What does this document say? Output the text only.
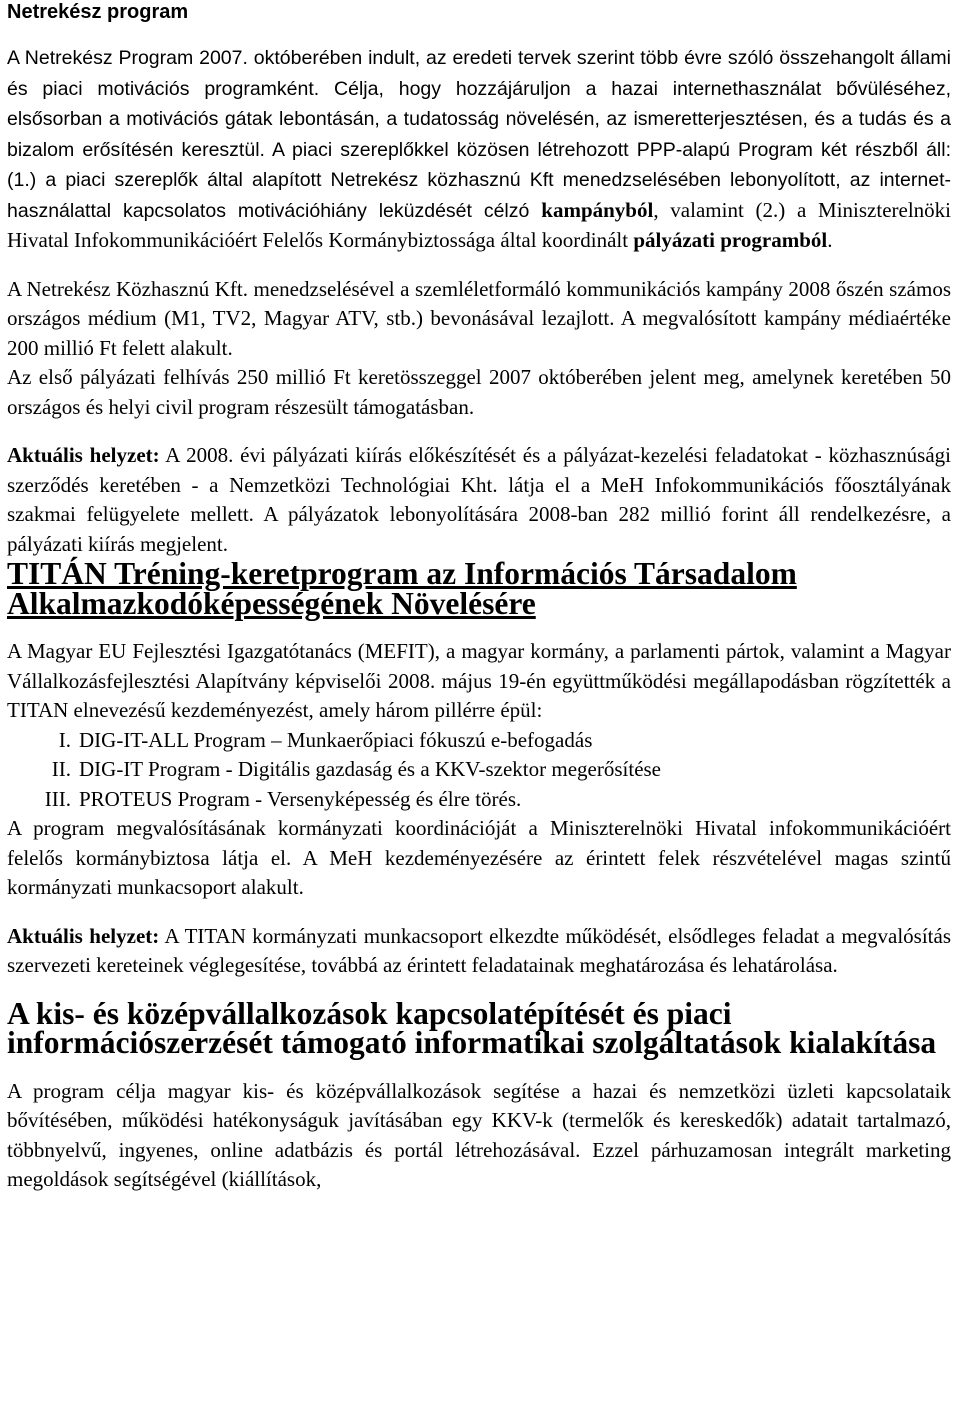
Netrekész program

A Netrekész Program 2007. októberében indult, az eredeti tervek szerint több évre szóló összehangolt állami és piaci motivációs programként. Célja, hogy hozzájáruljon a hazai internethasználat bővüléséhez, elsősorban a motivációs gátak lebontásán, a tudatosság növelésén, az ismeretterjesztésen, és a tudás és a bizalom erősítésén keresztül. A piaci szereplőkkel közösen létrehozott PPP-alapú Program két részből áll: (1.) a piaci szereplők által alapított Netrekész közhasznú Kft menedzselésében lebonyolított, az internet-használattal kapcsolatos motivációhiány leküzdését célzó kampányból, valamint (2.) a Miniszterelnöki Hivatal Infokommunikációért Felelős Kormánybiztossága által koordinált pályázati programból.

A Netrekész Közhasznú Kft. menedzselésével a szemléletformáló kommunikációs kampány 2008 őszén számos országos médium (M1, TV2, Magyar ATV, stb.) bevonásával lezajlott. A megvalósított kampány médiaértéke 200 millió Ft felett alakult.

Az első pályázati felhívás 250 millió Ft keretösszeggel 2007 októberében jelent meg, amelynek keretében 50 országos és helyi civil program részesült támogatásban.

Aktuális helyzet: A 2008. évi pályázati kiírás előkészítését és a pályázat-kezelési feladatokat - közhasznúsági szerződés keretében - a Nemzetközi Technológiai Kht. látja el a MeH Infokommunikációs főosztályának szakmai felügyelete mellett. A pályázatok lebonyolítására 2008-ban 282 millió forint áll rendelkezésre, a pályázati kiírás megjelent.

TITÁN Tréning-keretprogram az Információs Társadalom Alkalmazkodóképességének Növelésére

A Magyar EU Fejlesztési Igazgatótanács (MEFIT), a magyar kormány, a parlamenti pártok, valamint a Magyar Vállalkozásfejlesztési Alapítvány képviselői 2008. május 19-én együttműködési megállapodásban rögzítették a TITAN elnevezésű kezdeményezést, amely három pillérre épül:

I. DIG-IT-ALL Program – Munkaerőpiaci fókuszú e-befogadás
II. DIG-IT Program - Digitális gazdaság és a KKV-szektor megerősítése
III. PROTEUS Program - Versenyképesség és élre törés.

A program megvalósításának kormányzati koordinációját a Miniszterelnöki Hivatal infokommunikációért felelős kormánybiztosa látja el. A MeH kezdeményezésére az érintett felek részvételével magas szintű kormányzati munkacsoport alakult.

Aktuális helyzet: A TITAN kormányzati munkacsoport elkezdte működését, elsődleges feladat a megvalósítás szervezeti kereteinek véglegesítése, továbbá az érintett feladatainak meghatározása és lehatárolása.

A kis- és középvállalkozások kapcsolatépítését és piaci információszerzését támogató informatikai szolgáltatások kialakítása

A program célja magyar kis- és középvállalkozások segítése a hazai és nemzetközi üzleti kapcsolataik bővítésében, működési hatékonyságuk javításában egy KKV-k (termelők és kereskedők) adatait tartalmazó, többnyelvű, ingyenes, online adatbázis és portál létrehozásával. Ezzel párhuzamosan integrált marketing megoldások segítségével (kiállítások,
